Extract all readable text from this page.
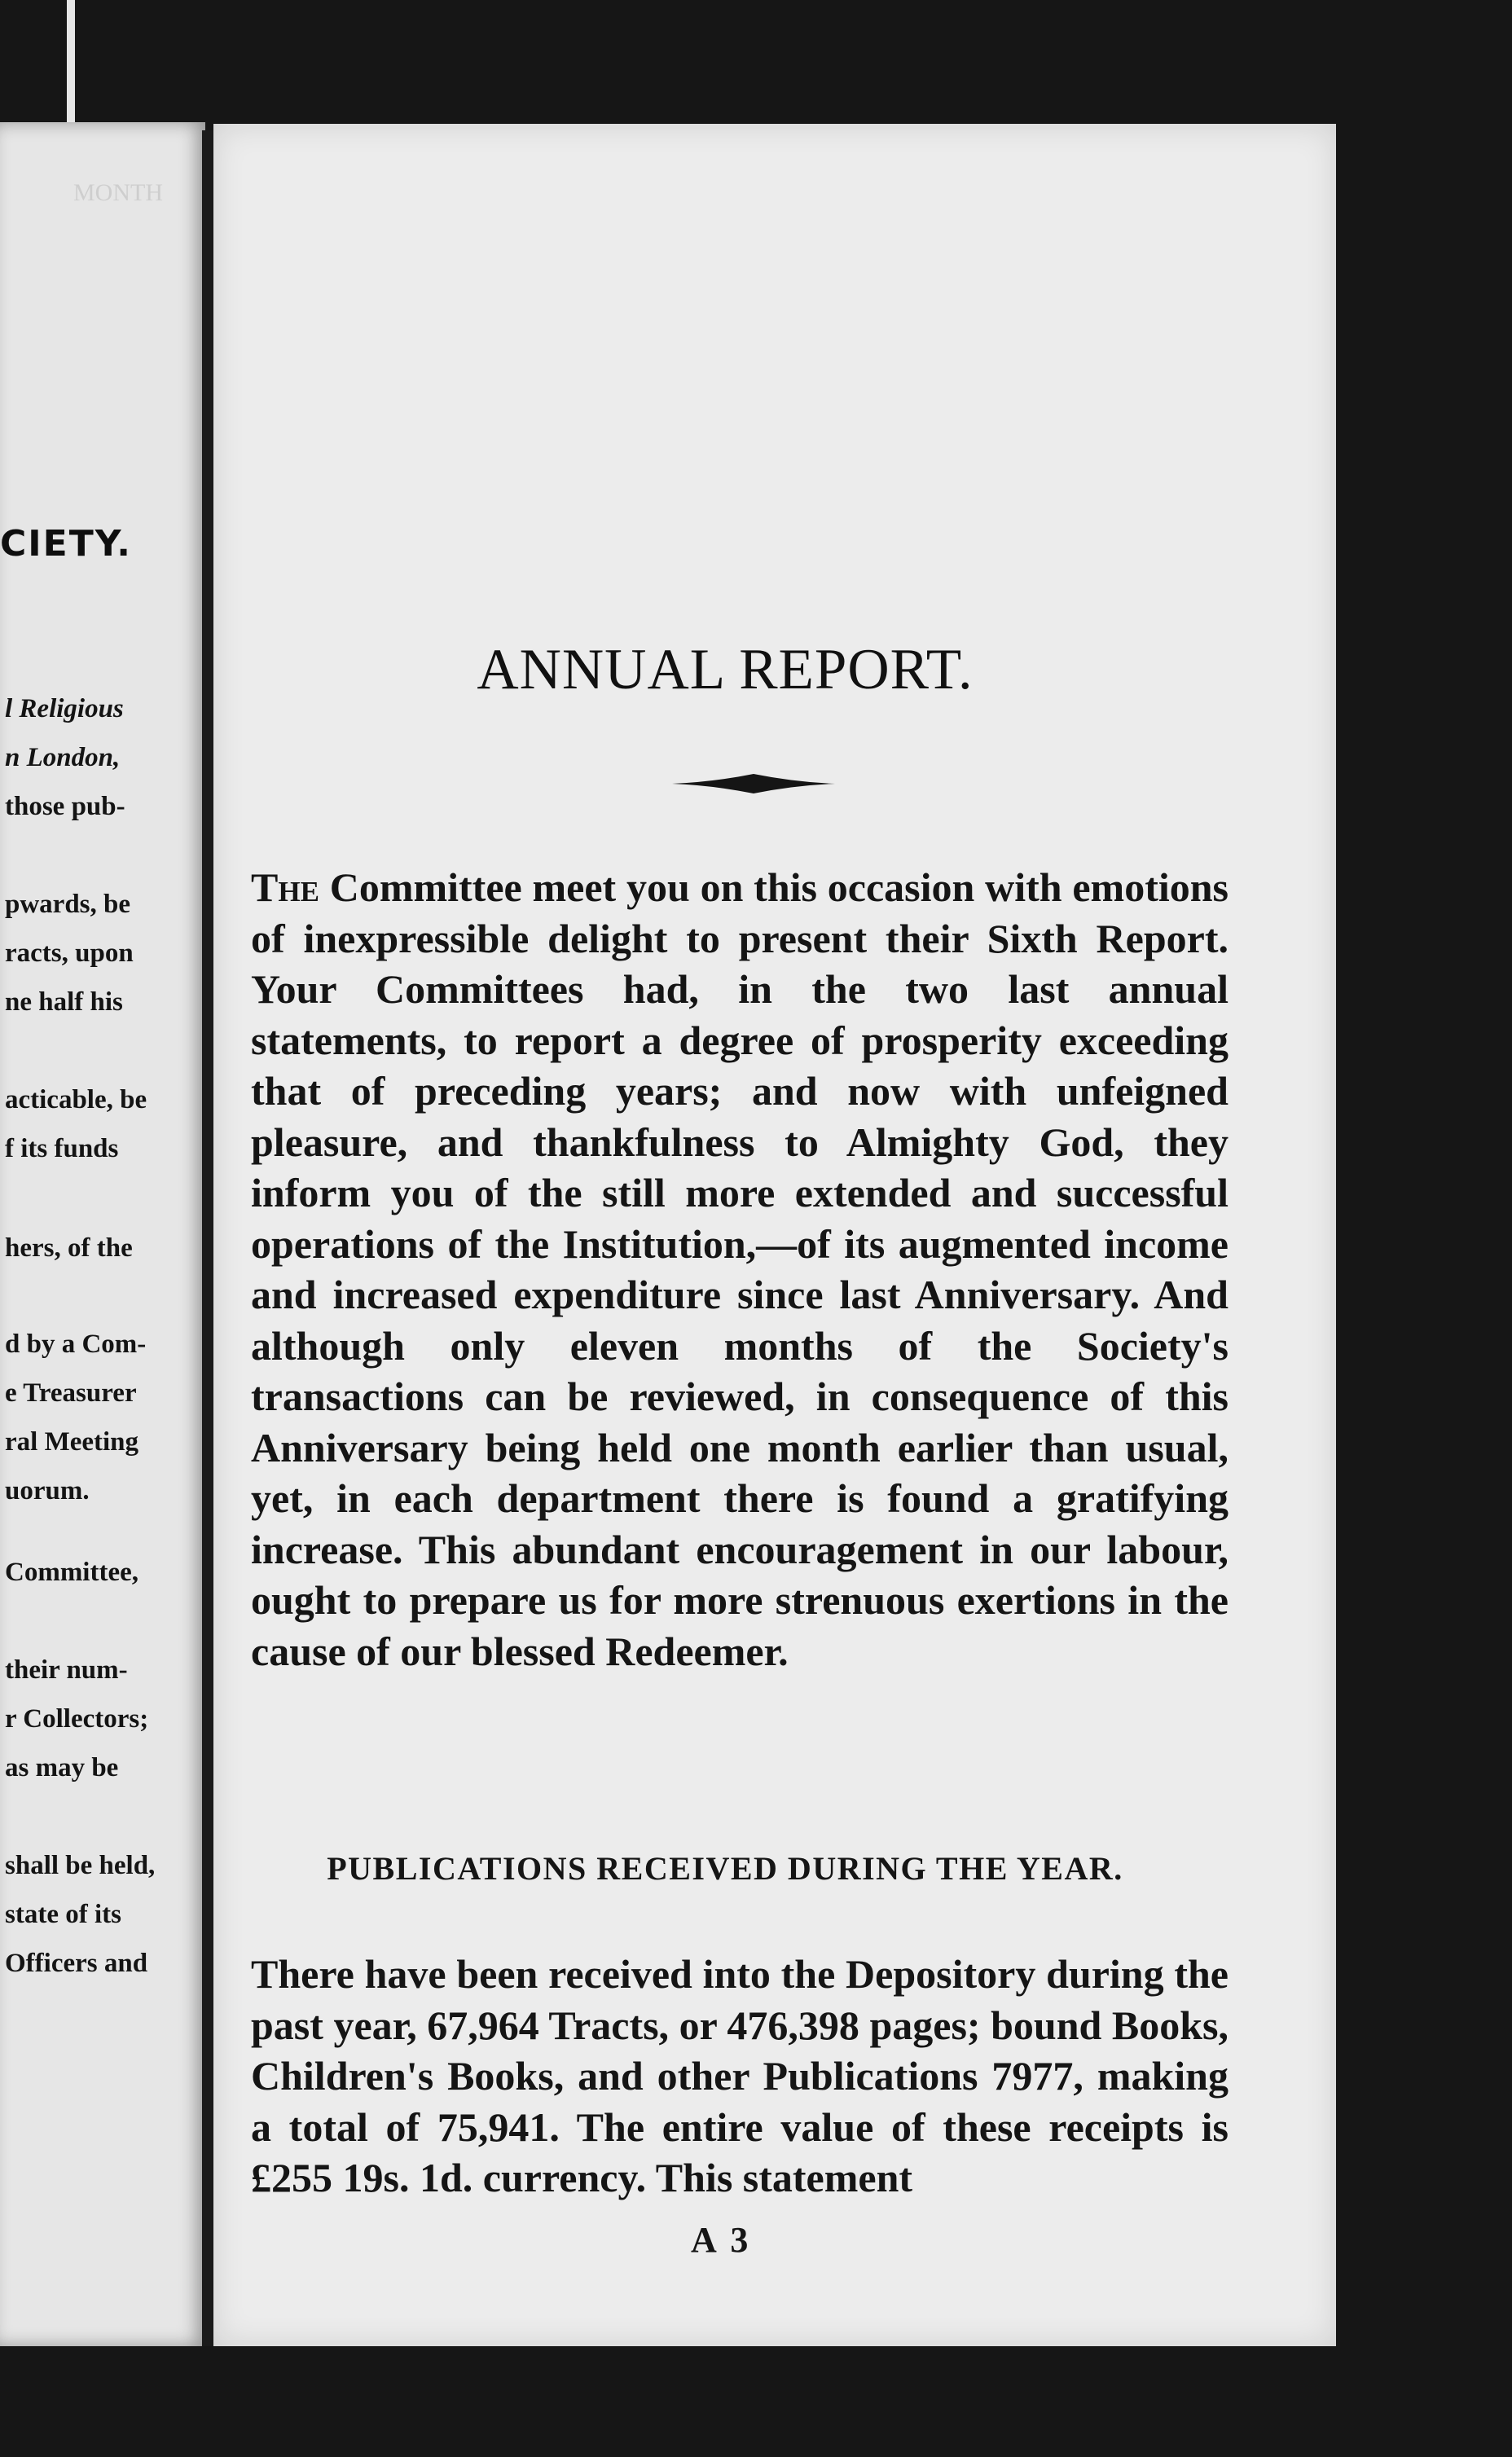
MONTH
CIETY.
l Religious
n London,
those pub-
pwards, be
racts, upon
ne half his
acticable, be
f its funds
hers, of the
d by a Com-
e Treasurer
ral Meeting
uorum.
Committee,
their num-
r Collectors;
as may be
shall be held,
state of its
Officers and

ANNUAL REPORT.
The Committee meet you on this occasion with emotions of inexpressible delight to present their Sixth Report. Your Committees had, in the two last annual statements, to report a degree of prosperity exceeding that of preceding years; and now with unfeigned pleasure, and thankfulness to Almighty God, they inform you of the still more extended and successful operations of the Institution,—of its augmented income and increased expenditure since last Anniversary. And although only eleven months of the Society's transactions can be reviewed, in consequence of this Anniversary being held one month earlier than usual, yet, in each department there is found a gratifying increase. This abundant encouragement in our labour, ought to prepare us for more strenuous exertions in the cause of our blessed Redeemer.
PUBLICATIONS RECEIVED DURING THE YEAR.
There have been received into the Depository during the past year, 67,964 Tracts, or 476,398 pages; bound Books, Children's Books, and other Publications 7977, making a total of 75,941. The entire value of these receipts is £255 19s. 1d. currency. This statement
A 3
